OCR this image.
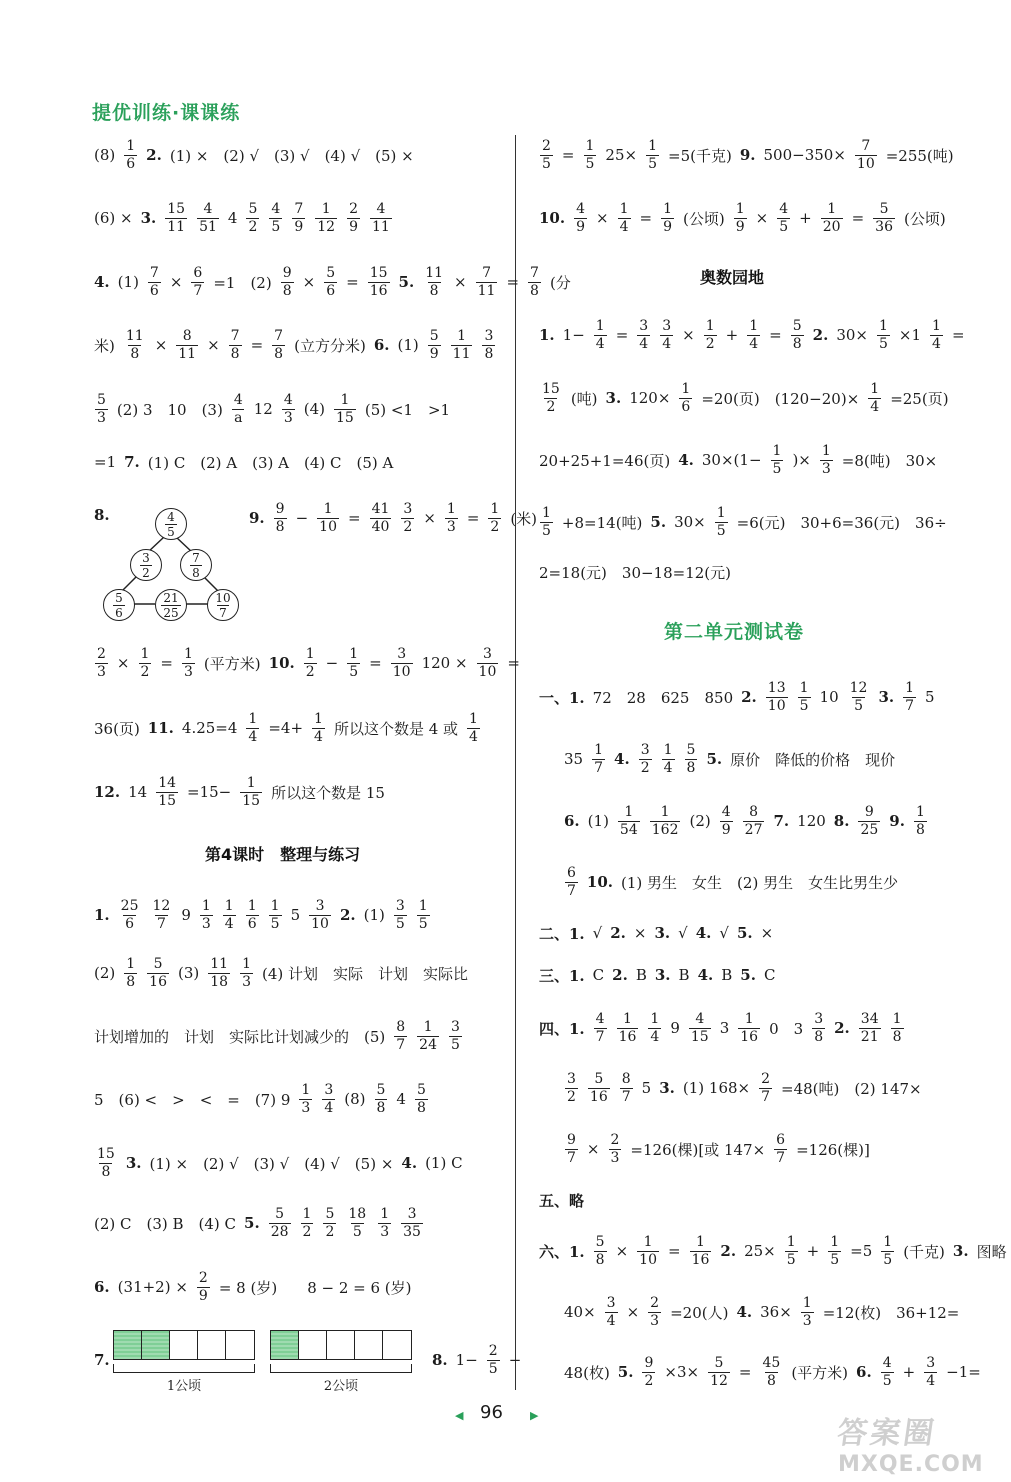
提优训练·课课练
第4课时　整理与练习
奥数园地
第二单元测试卷
(8)
1
6 2. (1) ×　(2) √　(3) √　(4) √　(5) ×
(6) × 3.
15
11
4
51 4
5
2
4
5
7
9
1
12
2
9
4
11
4. $(1) \frac{7}{6} \times \frac{6}{7} =1$　$(2) \frac{9}{8} \times \frac{5}{6} = \frac{15}{16} 5$. $\frac{11}{8} \times \frac{7}{11} = \frac{7}{8}$ (分
米) $\frac{11}{8} \times \frac{8}{11} \times \frac{7}{8} = \frac{7}{8}$ (立方分米) 6. (1)
5
9
1
11
3
8
5
3 (2) 3　10　(3)
4
a 12
4
3 (4)
1
15 (5) <1　>1
=1 7. (1) C　(2) A　(3) A　(4) C　(5) A
8.	9.
9
$8 - \frac{1}{10} = \frac{41}{40} \frac{3}{2} \times \frac{1}{3} = \frac{1}{2}$ (米)
$\frac{2}{3} \times \frac{1}{2} = \frac{1}{3}$ (平方米) 10.
1
$2 - \frac{1}{5} = \frac{3}{10} 120 \times \frac{3}{10}$ =
36(页) 11. $4.25=4 \frac{1}{4} =4+ \frac{1}{4}$ 所以这个数是 4 或
1
4
12. $14 \frac{14}{15} =15- \frac{1}{15}$ 所以这个数是 15
1.
25
6
12
7 9
1
3
1
4
1
6
1
5 5
3
10 2. (1)
3
5
1
5
(2)
1
8
5
16 (3)
11
18
1
3 (4) 计划　实际　计划　实际比
计划增加的　计划　实际比计划减少的　(5)
8
7
1
24
3
5
5　(6) <　>　<　=　(7) 9
1
3
3
4 (8)
5
8 4
5
8
15
8 3. (1) ×　(2) √　(3) √　(4) √　(5) × 4. (1) C
(2) C　(3) B　(4) C 5.
5
28
1
2
5
2
18
5
1
3
3
35
6. $(31+2) \times \frac{2}{9} = 8$ (岁)　　8 − 2 = 6 (岁)
7.	8. $1- \frac{2}{5}$ −
$\frac{2}{5} = \frac{1}{5} 25\times \frac{1}{5} =5$(千克) 9. $500-350\times \frac{7}{10} =255$(吨)
10. $\frac{4}{9} \times \frac{1}{4} = \frac{1}{9}$ (公顷) $\frac{1}{9} \times \frac{4}{5} + \frac{1}{20} = \frac{5}{36}$ (公顷)
1. $1- \frac{1}{4} = \frac{3}{4} \frac{3}{4} \times \frac{1}{2} + \frac{1}{4} = \frac{5}{8} 2$. $30\times \frac{1}{5} \times 1 \frac{1}{4}$ =
15
2 (吨) 3. $120\times \frac{1}{6} =20$(页)　$(120-20)\times \frac{1}{4} =25$(页)
20+25+1=46(页) 4. $30\times(1- \frac{1}{5}$ )× $\frac{1}{3} =8$(吨)　30×
1
5 +8=14(吨) 5. $30\times \frac{1}{5} =6$(元)　30+6=36(元)　36÷
2=18(元)　30−18=12(元)
一、1. 72　28　625　850 2.
13
10
1
5 10
12
5 3.
1
7 5
35
1
7 4.
3
2
1
4
5
8 5. 原价　降低的价格　现价
6. (1)
1
54
1
162 (2)
4
9
8
27 7. 120 8.
9
25 9.
1
8
6
7 10. (1) 男生　女生　(2) 男生　女生比男生少
二、1. √ 2. × 3. √ 4. √ 5. ×
三、1. C 2. B 3. B 4. B 5. C
四、1.
4
7
1
16
1
4 9
4
15 3
1
16 0　3
3
8 2.
34
21
1
8
3
2
5
16
8
7 5 3. (1) $168\times \frac{2}{7} =48$(吨)　(2) 147×
$\frac{9}{7} \times \frac{2}{3} =126$(棵)[或 $147\times \frac{6}{7} =126$(棵)]
五、略
六、1. $\frac{5}{8} \times \frac{1}{10} = \frac{1}{16} 2$. $25\times \frac{1}{5} + \frac{1}{5} =5$
1
5 (千克) 3. 图略
$40\times \frac{3}{4} \times \frac{2}{3} =20$(人) 4. $36\times \frac{1}{3} =12$(枚)　36+12=
48(枚) 5. $\frac{9}{2} \times 3\times \frac{5}{12} = \frac{45}{8}$ (平方米) 6.
4
$5 + \frac{3}{4} -1=$
4
5
3
2
7
8
5
6
21
25
10
7
1公顷	2公顷
◀ 96 ▶
答案圈
MXQE.COM
